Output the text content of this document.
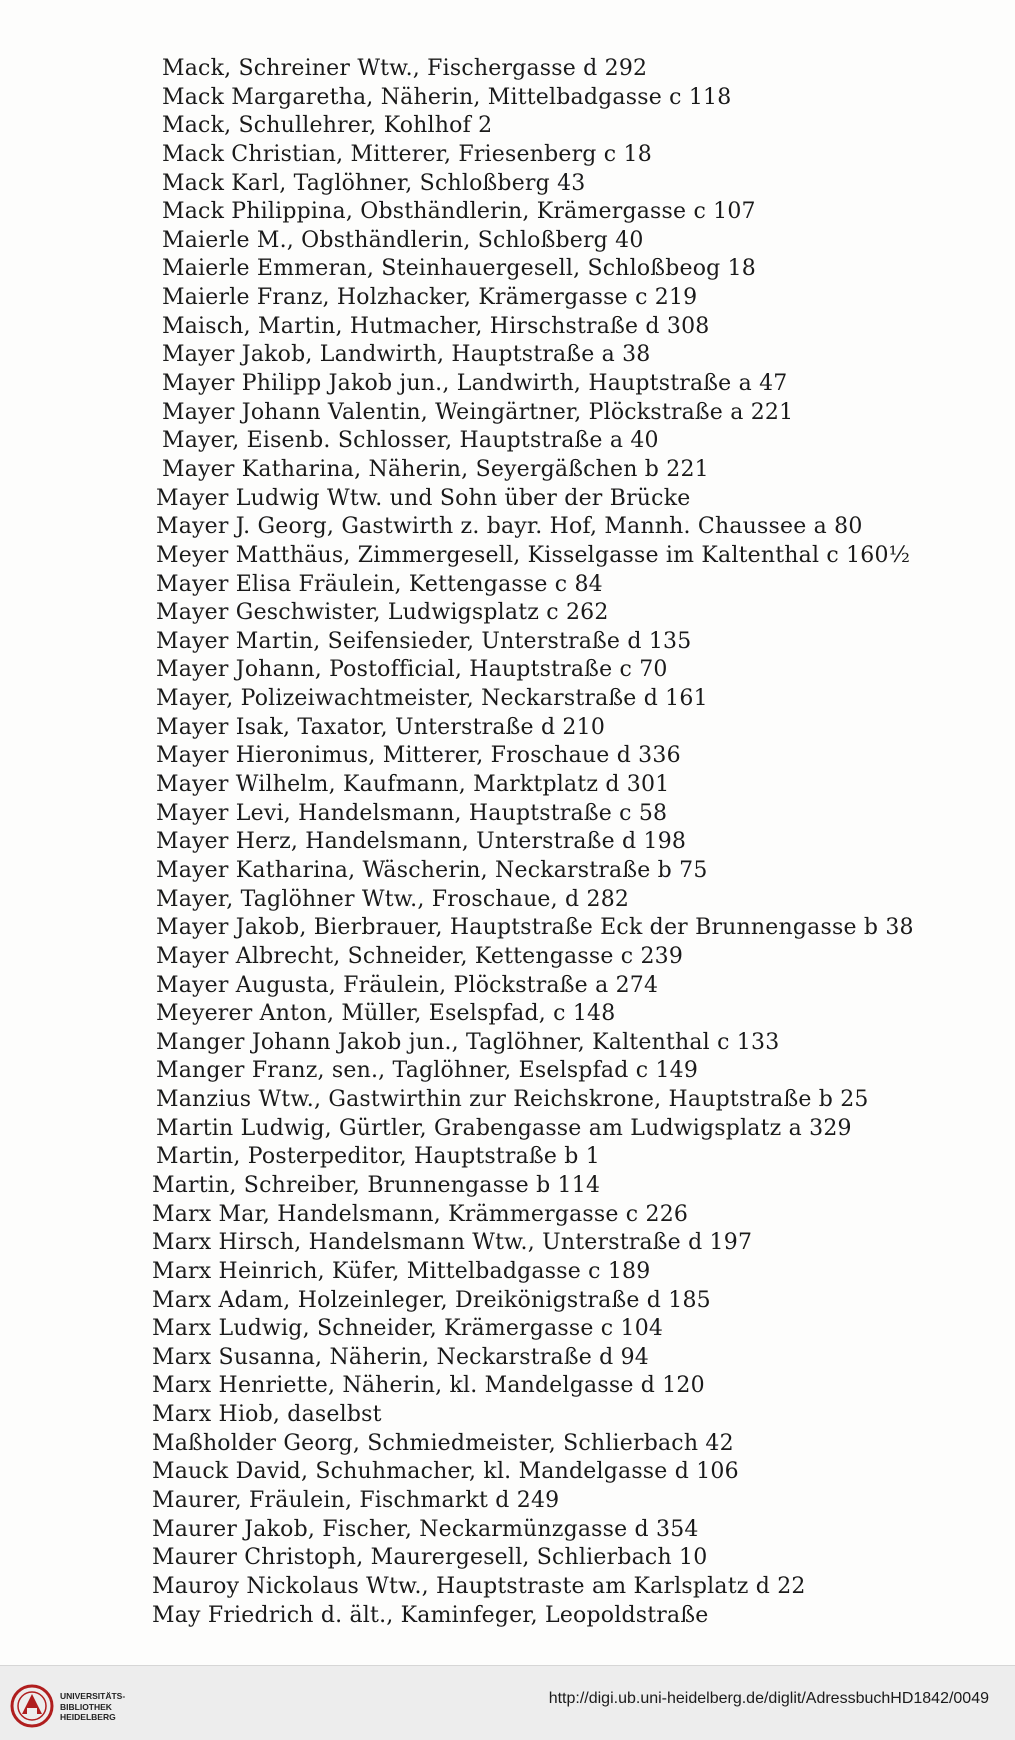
Mack, Schreiner Wtw., Fischergasse d 292
Mack Margaretha, Näherin, Mittelbadgasse c 118
Mack, Schullehrer, Kohlhof 2
Mack Christian, Mitterer, Friesenberg c 18
Mack Karl, Taglöhner, Schloßberg 43
Mack Philippina, Obsthändlerin, Krämergasse c 107
Maierle M., Obsthändlerin, Schloßberg 40
Maierle Emmeran, Steinhauergesell, Schloßbeog 18
Maierle Franz, Holzhacker, Krämergasse c 219
Maisch, Martin, Hutmacher, Hirschstraße d 308
Mayer Jakob, Landwirth, Hauptstraße a 38
Mayer Philipp Jakob jun., Landwirth, Hauptstraße a 47
Mayer Johann Valentin, Weingärtner, Plöckstraße a 221
Mayer, Eisenb. Schlosser, Hauptstraße a 40
Mayer Katharina, Näherin, Seyergäßchen b 221
Mayer Ludwig Wtw. und Sohn über der Brücke
Mayer J. Georg, Gastwirth z. bayr. Hof, Mannh. Chaussee a 80
Meyer Matthäus, Zimmergesell, Kisselgasse im Kaltenthal c 160½
Mayer Elisa Fräulein, Kettengasse c 84
Mayer Geschwister, Ludwigsplatz c 262
Mayer Martin, Seifensieder, Unterstraße d 135
Mayer Johann, Postofficial, Hauptstraße c 70
Mayer, Polizeiwachtmeister, Neckarstraße d 161
Mayer Isak, Taxator, Unterstraße d 210
Mayer Hieronimus, Mitterer, Froschaue d 336
Mayer Wilhelm, Kaufmann, Marktplatz d 301
Mayer Levi, Handelsmann, Hauptstraße c 58
Mayer Herz, Handelsmann, Unterstraße d 198
Mayer Katharina, Wäscherin, Neckarstraße b 75
Mayer, Taglöhner Wtw., Froschaue, d 282
Mayer Jakob, Bierbrauer, Hauptstraße Eck der Brunnengasse b 38
Mayer Albrecht, Schneider, Kettengasse c 239
Mayer Augusta, Fräulein, Plöckstraße a 274
Meyerer Anton, Müller, Eselspfad, c 148
Manger Johann Jakob jun., Taglöhner, Kaltenthal c 133
Manger Franz, sen., Taglöhner, Eselspfad c 149
Manzius Wtw., Gastwirthin zur Reichskrone, Hauptstraße b 25
Martin Ludwig, Gürtler, Grabengasse am Ludwigsplatz a 329
Martin, Posterpeditor, Hauptstraße b 1
Martin, Schreiber, Brunnengasse b 114
Marx Mar, Handelsmann, Krämmergasse c 226
Marx Hirsch, Handelsmann Wtw., Unterstraße d 197
Marx Heinrich, Küfer, Mittelbadgasse c 189
Marx Adam, Holzeinleger, Dreikönigstraße d 185
Marx Ludwig, Schneider, Krämergasse c 104
Marx Susanna, Näherin, Neckarstraße d 94
Marx Henriette, Näherin, kl. Mandelgasse d 120
Marx Hiob, daselbst
Maßholder Georg, Schmiedmeister, Schlierbach 42
Mauck David, Schuhmacher, kl. Mandelgasse d 106
Maurer, Fräulein, Fischmarkt d 249
Maurer Jakob, Fischer, Neckarmünzgasse d 354
Maurer Christoph, Maurergesell, Schlierbach 10
Mauroy Nickolaus Wtw., Hauptstraste am Karlsplatz d 22
May Friedrich d. ält., Kaminfeger, Leopoldstraße
UNIVERSITÄTS-
BIBLIOTHEK
HEIDELBERG
http://digi.ub.uni-heidelberg.de/diglit/AdressbuchHD1842/0049
